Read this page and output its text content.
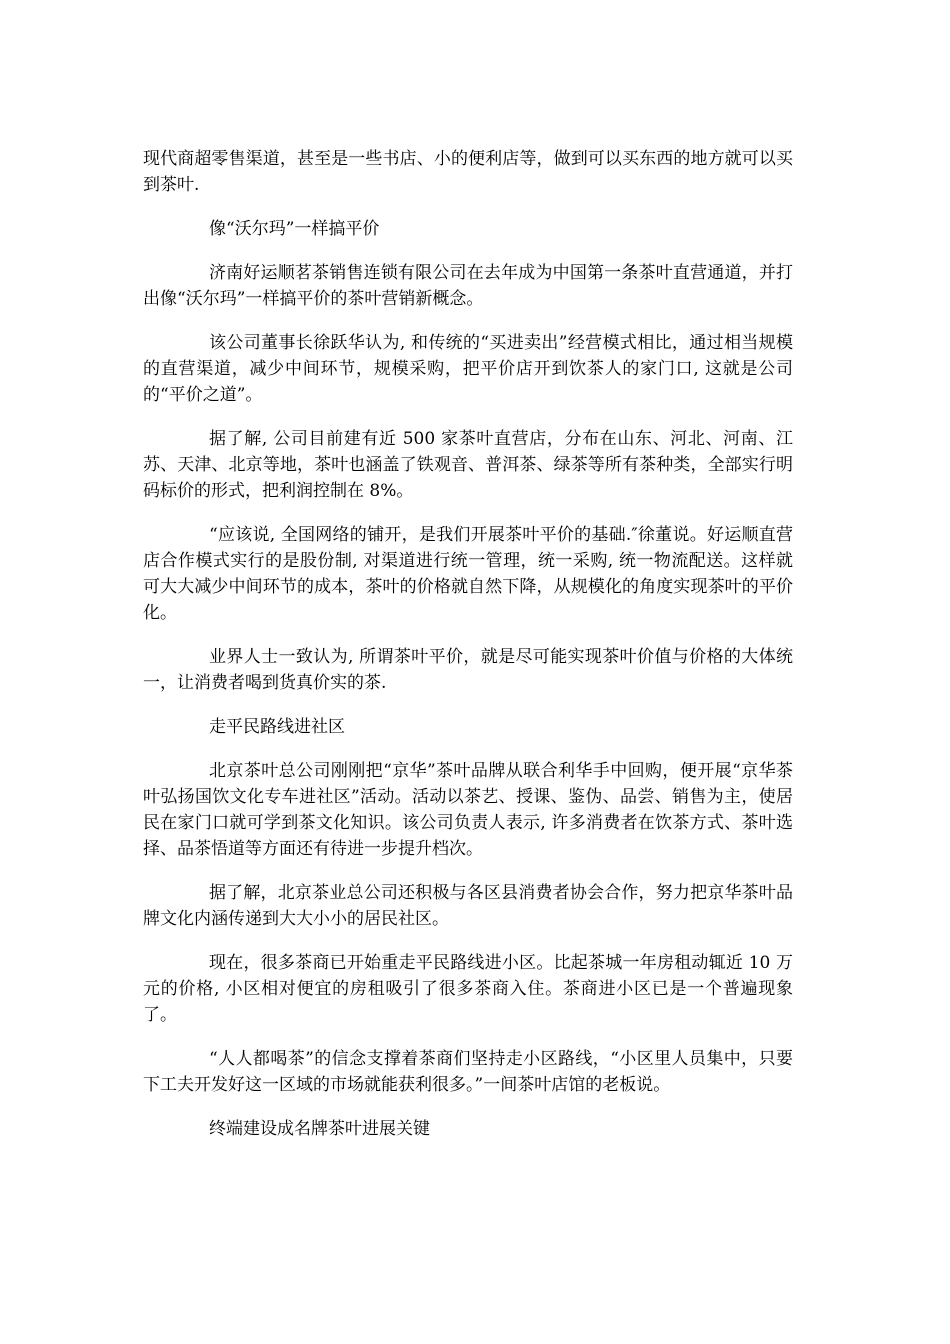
现代商超零售渠道，甚至是一些书店、小的便利店等，做到可以买东西的地方就可以买到茶叶.

像“沃尔玛”一样搞平价

济南好运顺茗茶销售连锁有限公司在去年成为中国第一条茶叶直营通道，并打出像“沃尔玛”一样搞平价的茶叶营销新概念。

该公司董事长徐跃华认为, 和传统的“买进卖出”经营模式相比，通过相当规模的直营渠道，减少中间环节，规模采购，把平价店开到饮茶人的家门口, 这就是公司的“平价之道”。

据了解, 公司目前建有近 500 家茶叶直营店，分布在山东、河北、河南、江苏、天津、北京等地，茶叶也涵盖了铁观音、普洱茶、绿茶等所有茶种类，全部实行明码标价的形式，把利润控制在 8%。

“应该说, 全国网络的铺开，是我们开展茶叶平价的基础.″徐董说。好运顺直营店合作模式实行的是股份制, 对渠道进行统一管理，统一采购, 统一物流配送。这样就可大大减少中间环节的成本，茶叶的价格就自然下降，从规模化的角度实现茶叶的平价化。

业界人士一致认为, 所谓茶叶平价，就是尽可能实现茶叶价值与价格的大体统一，让消费者喝到货真价实的茶.

走平民路线进社区

北京茶叶总公司刚刚把“京华”茶叶品牌从联合利华手中回购，便开展“京华茶叶弘扬国饮文化专车进社区”活动。活动以茶艺、授课、鉴伪、品尝、销售为主，使居民在家门口就可学到茶文化知识。该公司负责人表示, 许多消费者在饮茶方式、茶叶选择、品茶悟道等方面还有待进一步提升档次。

据了解，北京茶业总公司还积极与各区县消费者协会合作，努力把京华茶叶品牌文化内涵传递到大大小小的居民社区。

现在，很多茶商已开始重走平民路线进小区。比起茶城一年房租动辄近 10 万元的价格, 小区相对便宜的房租吸引了很多茶商入住。茶商进小区已是一个普遍现象了。

“人人都喝茶”的信念支撑着茶商们坚持走小区路线，“小区里人员集中，只要下工夫开发好这一区域的市场就能获利很多。”一间茶叶店馆的老板说。

终端建设成名牌茶叶进展关键
